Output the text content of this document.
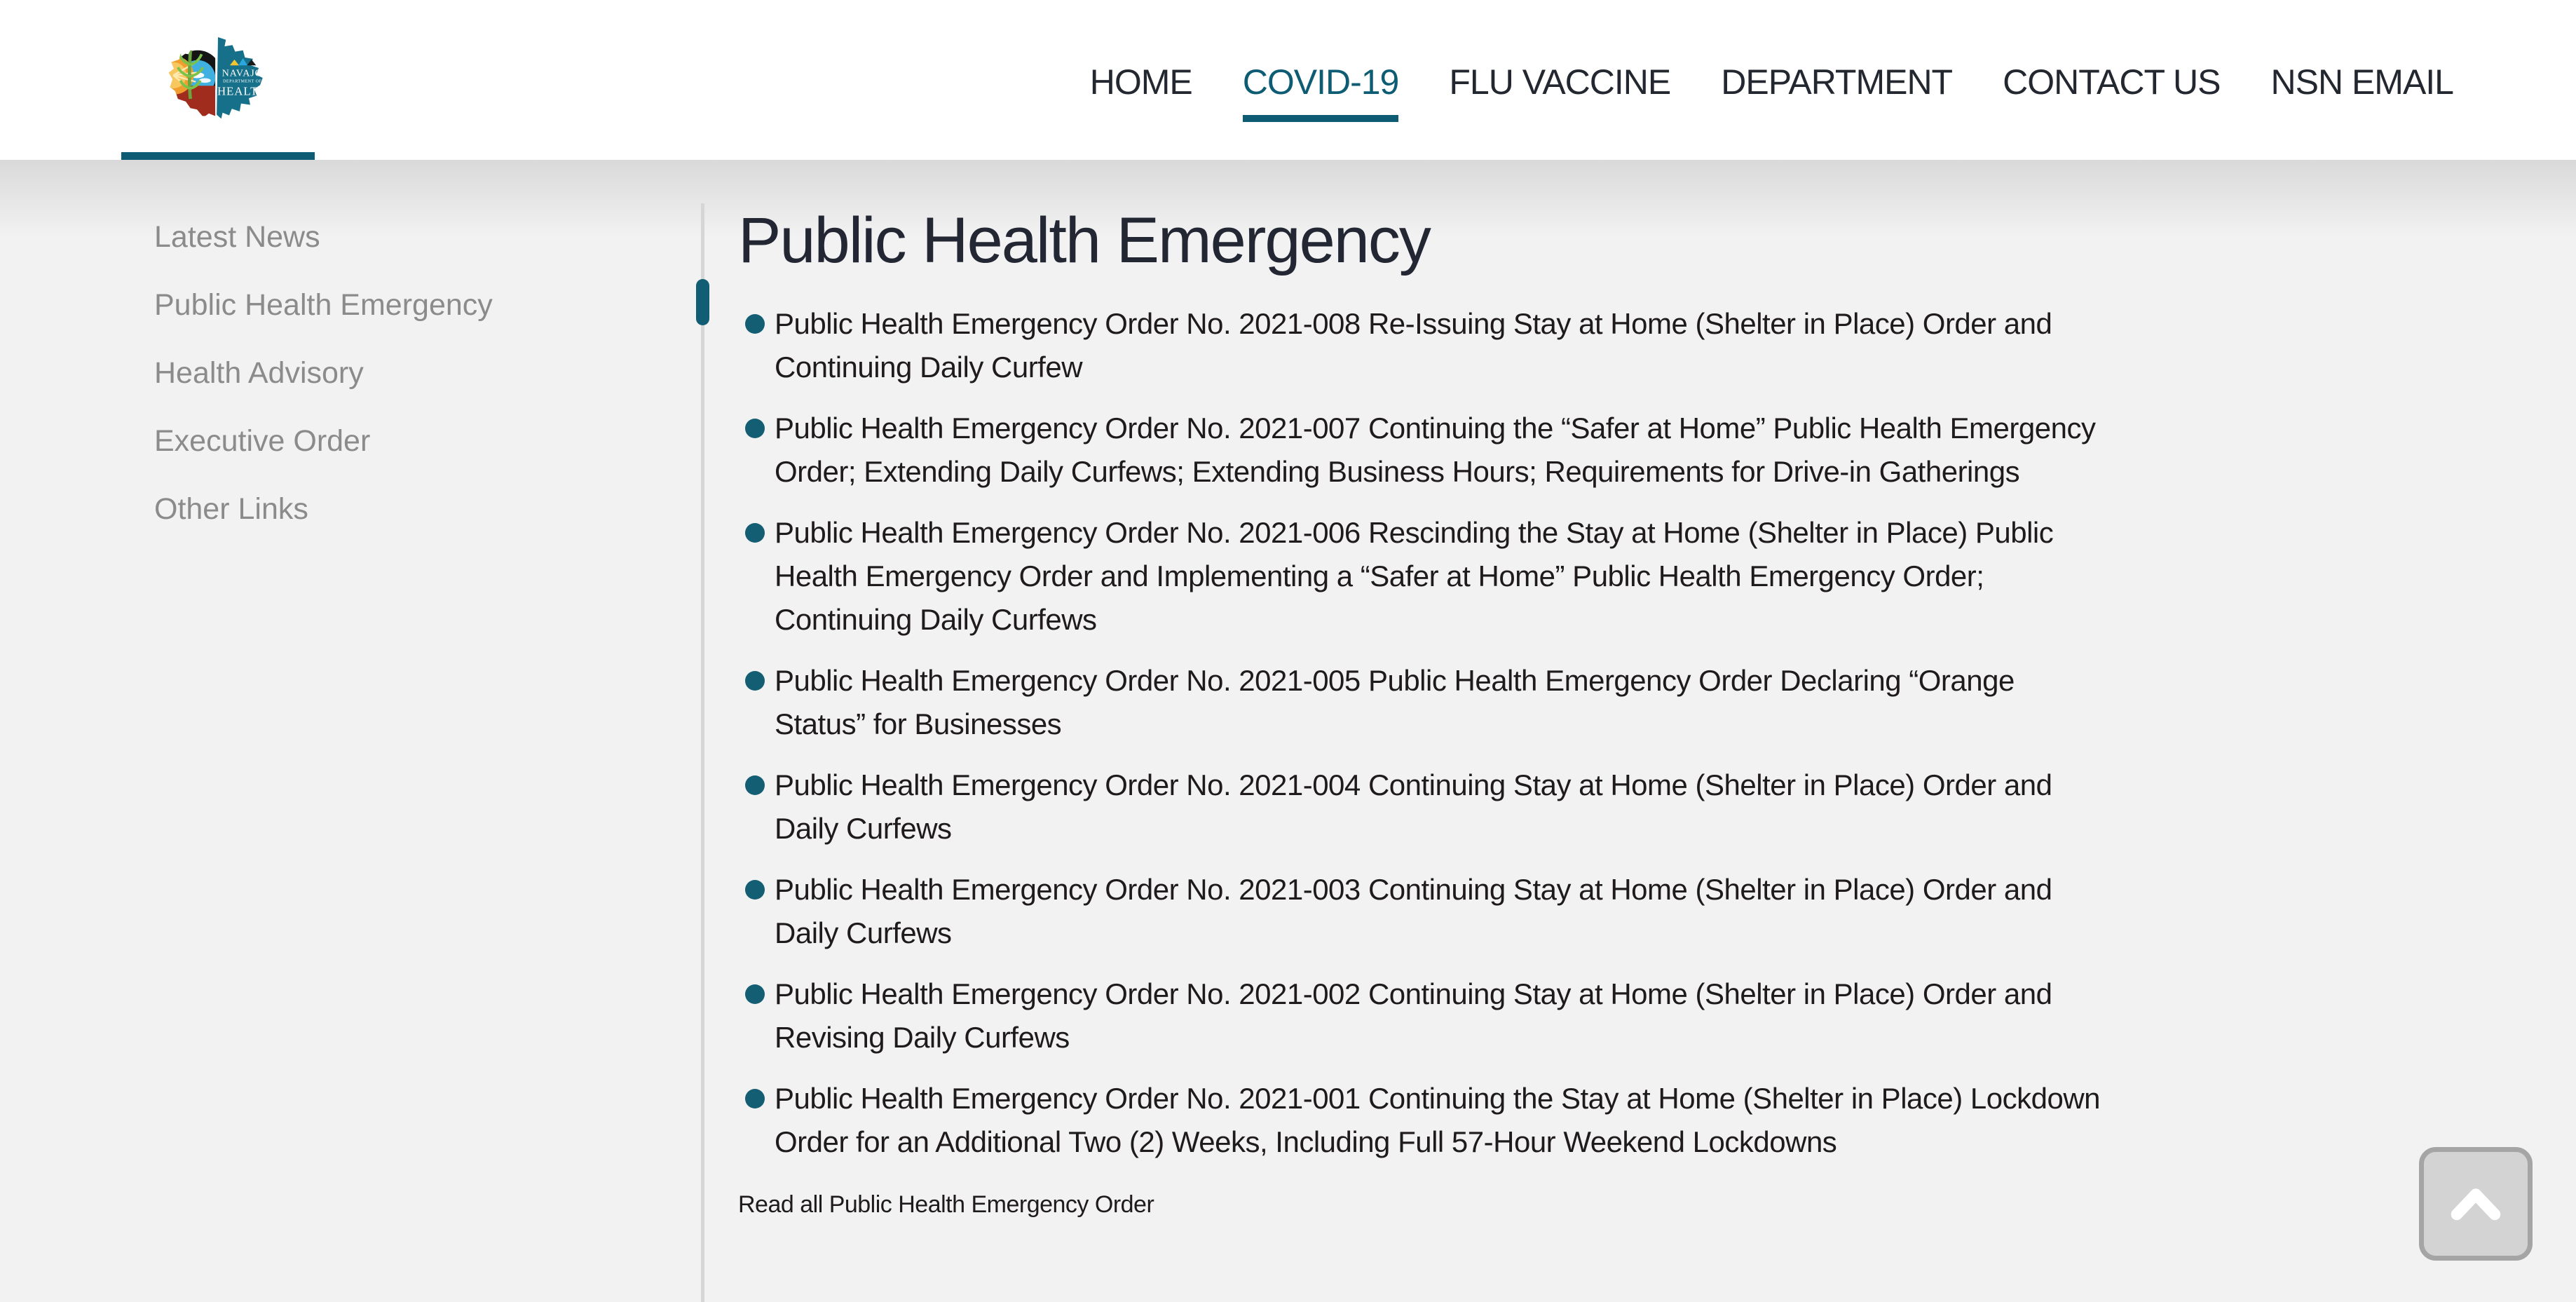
NAVAJO
DEPARTMENT OF
HEALTH	HOME COVID-19 FLU VACCINE DEPARTMENT CONTACT US NSN EMAIL
Latest News
Public Health Emergency
Health Advisory
Executive Order
Other Links
Public Health Emergency
Public Health Emergency Order No. 2021-008 Re-Issuing Stay at Home (Shelter in Place) Order and Continuing Daily Curfew
Public Health Emergency Order No. 2021-007 Continuing the “Safer at Home” Public Health Emergency Order; Extending Daily Curfews; Extending Business Hours; Requirements for Drive-in Gatherings
Public Health Emergency Order No. 2021-006 Rescinding the Stay at Home (Shelter in Place) Public Health Emergency Order and Implementing a “Safer at Home” Public Health Emergency Order; Continuing Daily Curfews
Public Health Emergency Order No. 2021-005 Public Health Emergency Order Declaring “Orange Status” for Businesses
Public Health Emergency Order No. 2021-004 Continuing Stay at Home (Shelter in Place) Order and Daily Curfews
Public Health Emergency Order No. 2021-003 Continuing Stay at Home (Shelter in Place) Order and Daily Curfews
Public Health Emergency Order No. 2021-002 Continuing Stay at Home (Shelter in Place) Order and Revising Daily Curfews
Public Health Emergency Order No. 2021-001 Continuing the Stay at Home (Shelter in Place) Lockdown Order for an Additional Two (2) Weeks, Including Full 57-Hour Weekend Lockdowns
Read all Public Health Emergency Order
